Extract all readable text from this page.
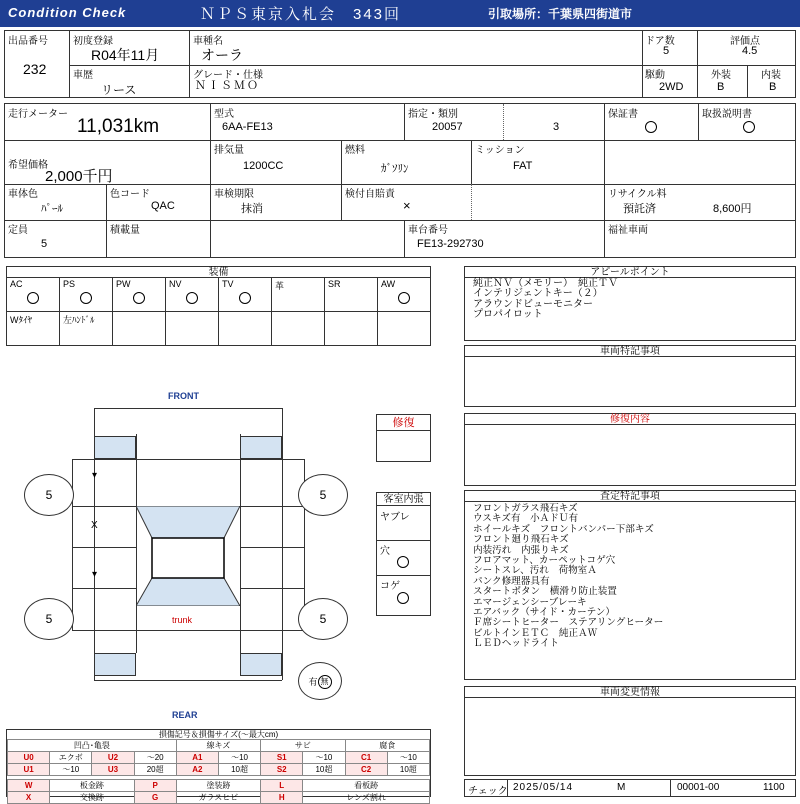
Condition Check	ＮＰＳ東京入札会　343回	引取場所：千葉県四街道市
出品番号
232
初度登録
R04年11月
車種名
オーラ
ドア数
5
評価点
4.5
車歴
リース
グレード・仕様
ＮＩＳＭＯ
駆動
2WD
外装
B
内装
B
走行メーター
11,031km
型式
6AA-FE13
指定・類別
20057	3
保証書	取扱説明書
希望価格
2,000千円
排気量
1200CC
燃料
ｶﾞｿﾘﾝ
ミッション
FAT
車体色
ﾊﾟｰﾙ
色コード
QAC
車検期限
抹消
検付自賠責
×
リサイクル料
預託済	8,600円
定員
5
積載量	車台番号
FE13-292730
福祉車両
装備
AC	PS	PW	NV	TV	革	SR	AW
Wﾀｲﾔ	左ﾊﾝﾄﾞﾙ
アピールポイント
純正ＮＶ（メモリー）　純正ＴＶ
インテリジェントキー（２）
アラウンドビューモニター
プロパイロット
車両特記事項
修復	修復内容
客室内張
ヤブレ
穴
コゲ
査定特記事項
フロントガラス飛石キズ
ウスキズ有　小ＡドＵ有
ホイールキズ　フロントバンパー下部キズ
フロント廻り飛石キズ
内装汚れ　内張りキズ
フロアマット、カーペットコゲ穴
シートスレ、汚れ　荷物室Ａ
パンク修理器具有
スタートボタン　横滑り防止装置
エマージェンシーブレーキ
エアバック（サイド・カーテン）
Ｆ席シートヒーター　ステアリングヒーター
ビルトインＥＴＣ　純正ＡＷ
ＬＥＤヘッドライト
車両変更情報
FRONT
REAR
trunk
X
▾
▾
5	5
5	5
有 無
損傷記号＆損傷サイズ(～最大cm)
凹凸･亀裂				線キズ		サビ		腐食	
U0	エクボ	U2	～20	A1	～10	S1	～10	C1	～10
U1	～10	U3	20超	A2	10超	S2	10超	C2	10超

W	板金跡		P	塗装跡		L	看板跡		
X	交換跡		G	ガラスヒビ		H	レンズ割れ		
チェック 2025/05/14	M	00001-00	1100
